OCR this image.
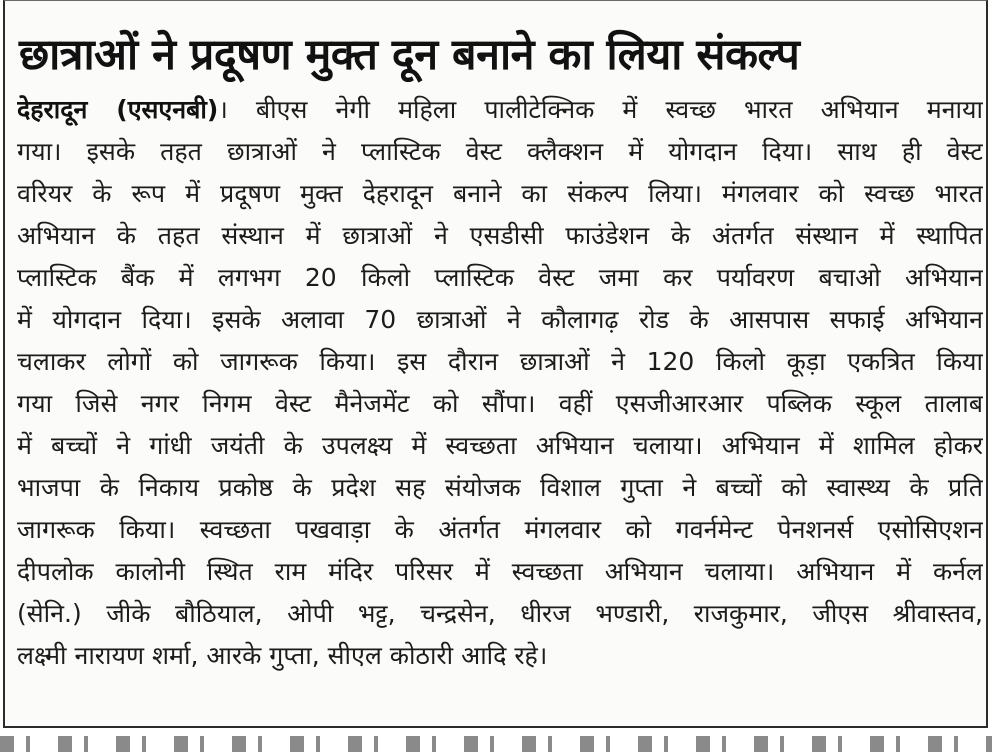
छात्राओं ने प्रदूषण मुक्त दून बनाने का लिया संकल्प
देहरादून (एसएनबी)। बीएस नेगी महिला पालीटेक्निक में स्वच्छ भारत अभियान मनाया
गया। इसके तहत छात्राओं ने प्लास्टिक वेस्ट क्लैक्शन में योगदान दिया। साथ ही वेस्ट
वरियर के रूप में प्रदूषण मुक्त देहरादून बनाने का संकल्प लिया। मंगलवार को स्वच्छ भारत
अभियान के तहत संस्थान में छात्राओं ने एसडीसी फाउंडेशन के अंतर्गत संस्थान में स्थापित
प्लास्टिक बैंक में लगभग 20 किलो प्लास्टिक वेस्ट जमा कर पर्यावरण बचाओ अभियान
में योगदान दिया। इसके अलावा 70 छात्राओं ने कौलागढ़ रोड के आसपास सफाई अभियान
चलाकर लोगों को जागरूक किया। इस दौरान छात्राओं ने 120 किलो कूड़ा एकत्रित किया
गया जिसे नगर निगम वेस्ट मैनेजमेंट को सौंपा। वहीं एसजीआरआर पब्लिक स्कूल तालाब
में बच्चों ने गांधी जयंती के उपलक्ष्य में स्वच्छता अभियान चलाया। अभियान में शामिल होकर
भाजपा के निकाय प्रकोष्ठ के प्रदेश सह संयोजक विशाल गुप्ता ने बच्चों को स्वास्थ्य के प्रति
जागरूक किया। स्वच्छता पखवाड़ा के अंतर्गत मंगलवार को गवर्नमेन्ट पेनशनर्स एसोसिएशन
दीपलोक कालोनी स्थित राम मंदिर परिसर में स्वच्छता अभियान चलाया। अभियान में कर्नल
(सेनि.) जीके बौठियाल, ओपी भट्ट, चन्द्रसेन, धीरज भण्डारी, राजकुमार, जीएस श्रीवास्तव,
लक्ष्मी नारायण शर्मा, आरके गुप्ता, सीएल कोठारी आदि रहे।
